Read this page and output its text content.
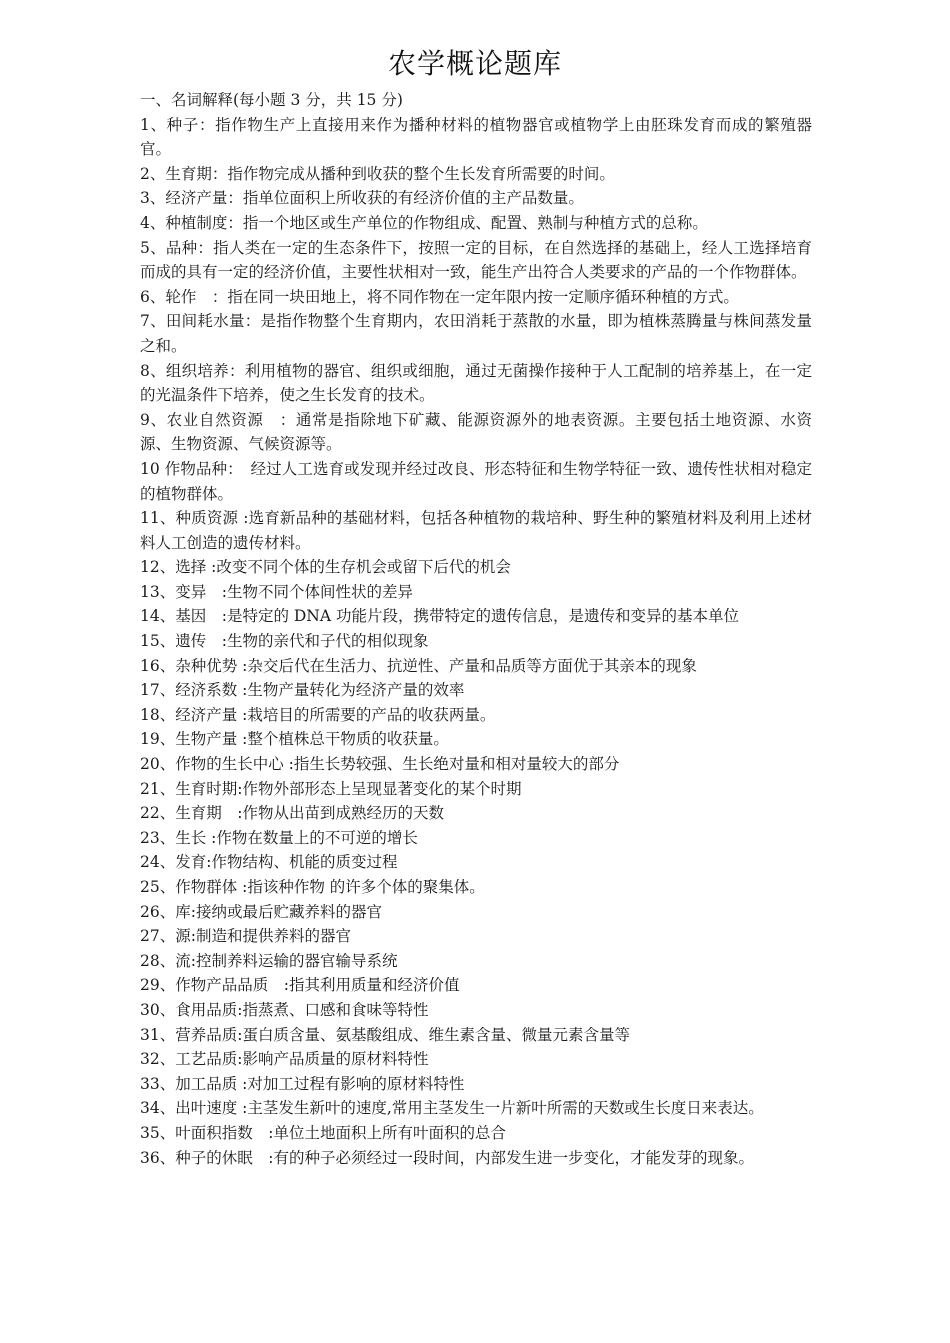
农学概论题库
一、名词解释(每小题 3 分，共 15 分)
1、种子：指作物生产上直接用来作为播种材料的植物器官或植物学上由胚珠发育而成的繁殖器官。
2、生育期：指作物完成从播种到收获的整个生长发育所需要的时间。
3、经济产量：指单位面积上所收获的有经济价值的主产品数量。
4、种植制度：指一个地区或生产单位的作物组成、配置、熟制与种植方式的总称。
5、品种：指人类在一定的生态条件下，按照一定的目标，在自然选择的基础上，经人工选择培育而成的具有一定的经济价值，主要性状相对一致，能生产出符合人类要求的产品的一个作物群体。
6、轮作　：指在同一块田地上，将不同作物在一定年限内按一定顺序循环种植的方式。
7、田间耗水量：是指作物整个生育期内，农田消耗于蒸散的水量，即为植株蒸腾量与株间蒸发量之和。
8、组织培养：利用植物的器官、组织或细胞，通过无菌操作接种于人工配制的培养基上，在一定的光温条件下培养，使之生长发育的技术。
9、农业自然资源　：通常是指除地下矿藏、能源资源外的地表资源。主要包括土地资源、水资源、生物资源、气候资源等。
10 作物品种：　经过人工选育或发现并经过改良、形态特征和生物学特征一致、遗传性状相对稳定的植物群体。
11、种质资源 :选育新品种的基础材料，包括各种植物的栽培种、野生种的繁殖材料及利用上述材料人工创造的遗传材料。
12、选择 :改变不同个体的生存机会或留下后代的机会
13、变异　:生物不同个体间性状的差异
14、基因　:是特定的 DNA 功能片段，携带特定的遗传信息，是遗传和变异的基本单位
15、遗传　:生物的亲代和子代的相似现象
16、杂种优势 :杂交后代在生活力、抗逆性、产量和品质等方面优于其亲本的现象
17、经济系数 :生物产量转化为经济产量的效率
18、经济产量 :栽培目的所需要的产品的收获两量。
19、生物产量 :整个植株总干物质的收获量。
20、作物的生长中心 :指生长势较强、生长绝对量和相对量较大的部分
21、生育时期:作物外部形态上呈现显著变化的某个时期
22、生育期　:作物从出苗到成熟经历的天数
23、生长 :作物在数量上的不可逆的增长
24、发育:作物结构、机能的质变过程
25、作物群体 :指该种作物 的许多个体的聚集体。
26、库:接纳或最后贮藏养料的器官
27、源:制造和提供养料的器官
28、流:控制养料运输的器官输导系统
29、作物产品品质　:指其利用质量和经济价值
30、食用品质:指蒸煮、口感和食味等特性
31、营养品质:蛋白质含量、氨基酸组成、维生素含量、微量元素含量等
32、工艺品质:影响产品质量的原材料特性
33、加工品质 :对加工过程有影响的原材料特性
34、出叶速度 :主茎发生新叶的速度,常用主茎发生一片新叶所需的天数或生长度日来表达。
35、叶面积指数　:单位土地面积上所有叶面积的总合
36、种子的休眠　:有的种子必须经过一段时间，内部发生进一步变化，才能发芽的现象。
